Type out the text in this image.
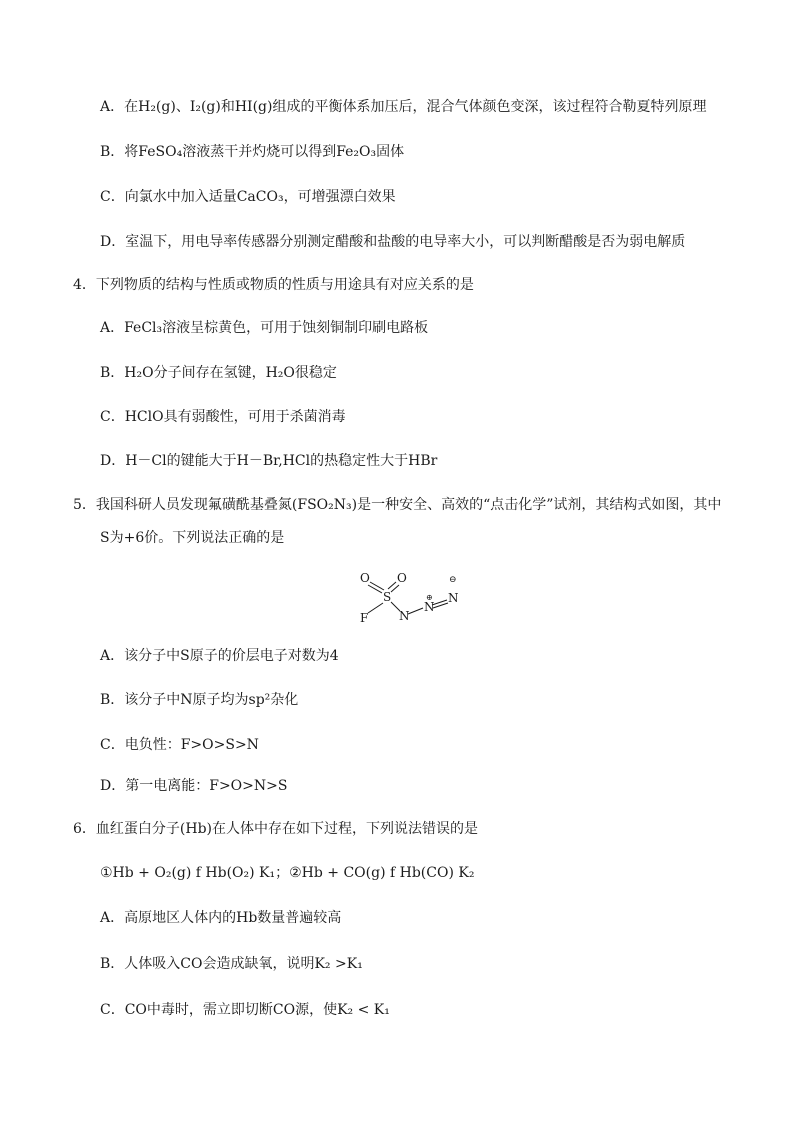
A．在H₂(g)、I₂(g)和HI(g)组成的平衡体系加压后，混合气体颜色变深，该过程符合勒夏特列原理
B．将FeSO₄溶液蒸干并灼烧可以得到Fe₂O₃固体
C．向氯水中加入适量CaCO₃，可增强漂白效果
D．室温下，用电导率传感器分别测定醋酸和盐酸的电导率大小，可以判断醋酸是否为弱电解质
4．下列物质的结构与性质或物质的性质与用途具有对应关系的是
A．FeCl₃溶液呈棕黄色，可用于蚀刻铜制印刷电路板
B．H₂O分子间存在氢键，H₂O很稳定
C．HClO具有弱酸性，可用于杀菌消毒
D．H－Cl的键能大于H－Br,HCl的热稳定性大于HBr
5．我国科研人员发现氟磺酰基叠氮(FSO₂N₃)是一种安全、高效的“点击化学”试剂，其结构式如图，其中
S为+6价。下列说法正确的是
O O
S
F	N
N
N
⊕
⊖
A．该分子中S原子的价层电子对数为4
B．该分子中N原子均为sp²杂化
C．电负性：F>O>S>N
D．第一电离能：F>O>N>S
6．血红蛋白分子(Hb)在人体中存在如下过程，下列说法错误的是
①Hb + O₂(g) f Hb(O₂) K₁；②Hb + CO(g) f Hb(CO) K₂
A．高原地区人体内的Hb数量普遍较高
B．人体吸入CO会造成缺氧，说明K₂ >K₁
C．CO中毒时，需立即切断CO源，使K₂ < K₁
